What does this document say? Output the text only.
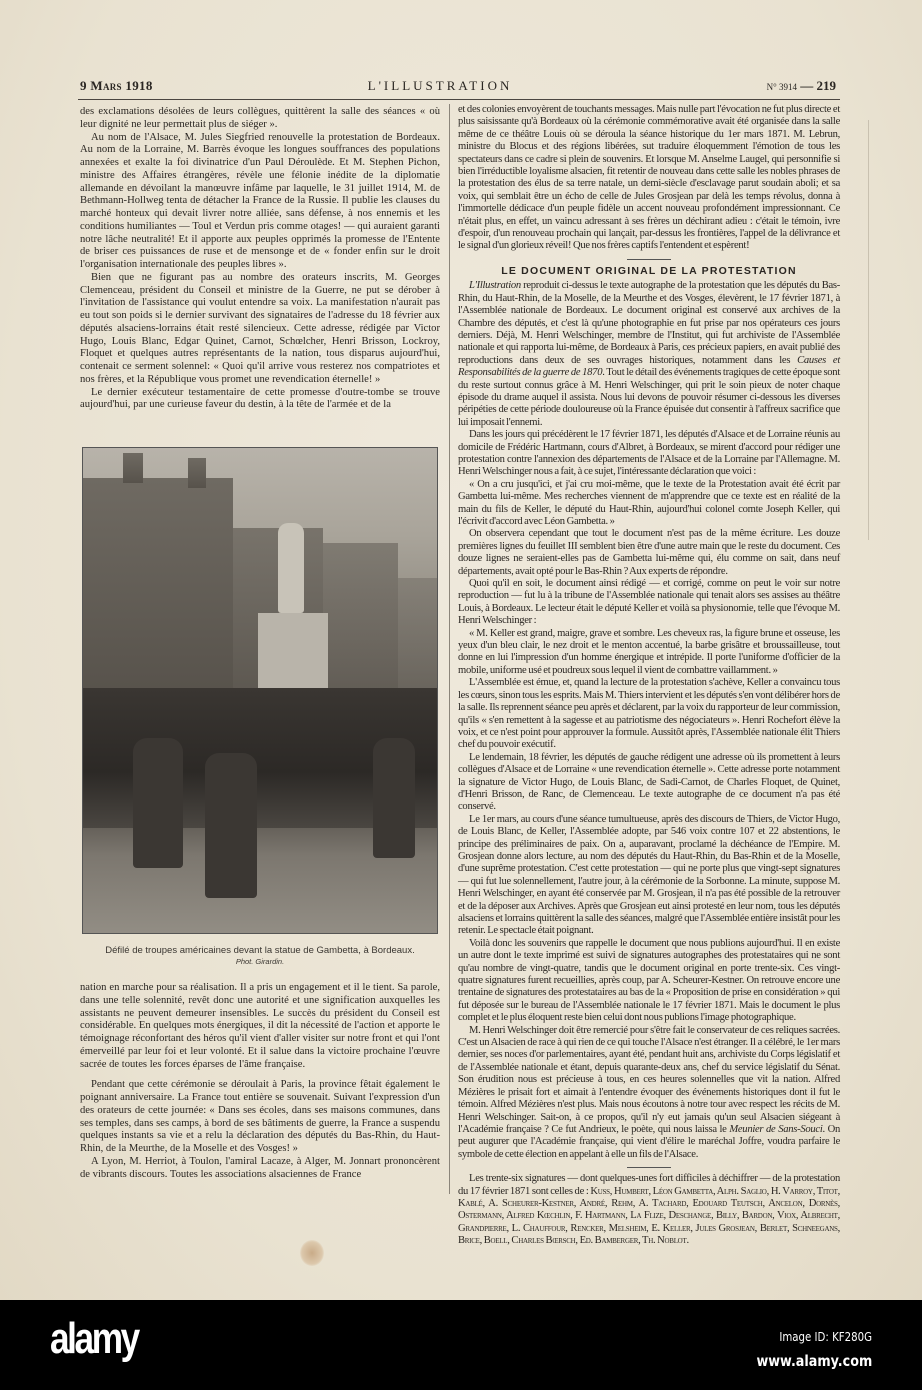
9 Mars 1918	L'ILLUSTRATION	N° 3914 — 219

des exclamations désolées de leurs collègues, quittèrent la salle des séances « où leur dignité ne leur permettait plus de siéger ».

Au nom de l'Alsace, M. Jules Siegfried renouvelle la protestation de Bordeaux. Au nom de la Lorraine, M. Barrès évoque les longues souffrances des populations annexées et exalte la foi divinatrice d'un Paul Déroulède. Et M. Stephen Pichon, ministre des Affaires étrangères, révèle une félonie inédite de la diplomatie allemande en dévoilant la manœuvre infâme par laquelle, le 31 juillet 1914, M. de Bethmann-Hollweg tenta de détacher la France de la Russie. Il publie les clauses du marché honteux qui devait livrer notre alliée, sans défense, à nos ennemis et les conditions humiliantes — Toul et Verdun pris comme otages! — qui auraient garanti notre lâche neutralité! Et il apporte aux peuples opprimés la promesse de l'Entente de briser ces puissances de ruse et de mensonge et de « fonder enfin sur le droit l'organisation internationale des peuples libres ».

Bien que ne figurant pas au nombre des orateurs inscrits, M. Georges Clemenceau, président du Conseil et ministre de la Guerre, ne put se dérober à l'invitation de l'assistance qui voulut entendre sa voix. La manifestation n'aurait pas eu tout son poids si le dernier survivant des signataires de l'adresse du 18 février aux députés alsaciens-lorrains était resté silencieux. Cette adresse, rédigée par Victor Hugo, Louis Blanc, Edgar Quinet, Carnot, Schœlcher, Henri Brisson, Lockroy, Floquet et quelques autres représentants de la nation, tous disparus aujourd'hui, contenait ce serment solennel: « Quoi qu'il arrive vous resterez nos compatriotes et nos frères, et la République vous promet une revendication éternelle! »

Le dernier exécuteur testamentaire de cette promesse d'outre-tombe se trouve aujourd'hui, par une curieuse faveur du destin, à la tête de l'armée et de la

Défilé de troupes américaines devant la statue de Gambetta, à Bordeaux.
Phot. Girardin.

nation en marche pour sa réalisation. Il a pris un engagement et il le tient. Sa parole, dans une telle solennité, revêt donc une autorité et une signification auxquelles les assistants ne peuvent demeurer insensibles. Le succès du président du Conseil est considérable. En quelques mots énergiques, il dit la nécessité de l'action et apporte le témoignage réconfortant des héros qu'il vient d'aller visiter sur notre front et qui l'ont émerveillé par leur foi et leur volonté. Et il salue dans la victoire prochaine l'œuvre sacrée de toutes les forces éparses de l'âme française.

Pendant que cette cérémonie se déroulait à Paris, la province fêtait également le poignant anniversaire. La France tout entière se souvenait. Suivant l'expression d'un des orateurs de cette journée: « Dans ses écoles, dans ses maisons communes, dans ses temples, dans ses camps, à bord de ses bâtiments de guerre, la France a suspendu quelques instants sa vie et a relu la déclaration des députés du Bas-Rhin, du Haut-Rhin, de la Meurthe, de la Moselle et des Vosges! »

A Lyon, M. Herriot, à Toulon, l'amiral Lacaze, à Alger, M. Jonnart prononcèrent de vibrants discours. Toutes les associations alsaciennes de France

et des colonies envoyèrent de touchants messages. Mais nulle part l'évocation ne fut plus directe et plus saisissante qu'à Bordeaux où la cérémonie commémorative avait été organisée dans la salle même de ce théâtre Louis où se déroula la séance historique du 1er mars 1871. M. Lebrun, ministre du Blocus et des régions libérées, sut traduire éloquemment l'émotion de tous les spectateurs dans ce cadre si plein de souvenirs. Et lorsque M. Anselme Laugel, qui personnifie si bien l'irréductible loyalisme alsacien, fit retentir de nouveau dans cette salle les nobles phrases de la protestation des élus de sa terre natale, un demi-siècle d'esclavage parut soudain aboli; et sa voix, qui semblait être un écho de celle de Jules Grosjean par delà les temps révolus, donna à l'immortelle dédicace d'un peuple fidèle un accent nouveau profondément impressionnant. Ce n'était plus, en effet, un vaincu adressant à ses frères un déchirant adieu : c'était le témoin, ivre d'espoir, d'un renouveau prochain qui lançait, par-dessus les frontières, l'appel de la délivrance et le signal d'un glorieux réveil! Que nos frères captifs l'entendent et espèrent!

LE DOCUMENT ORIGINAL DE LA PROTESTATION

L'Illustration reproduit ci-dessus le texte autographe de la protestation que les députés du Bas-Rhin, du Haut-Rhin, de la Moselle, de la Meurthe et des Vosges, élevèrent, le 17 février 1871, à l'Assemblée nationale de Bordeaux. Le document original est conservé aux archives de la Chambre des députés, et c'est là qu'une photographie en fut prise par nos opérateurs ces jours derniers. Déjà, M. Henri Welschinger, membre de l'Institut, qui fut archiviste de l'Assemblée nationale et qui rapporta lui-même, de Bordeaux à Paris, ces précieux papiers, en avait publié des reproductions dans deux de ses ouvrages historiques, notamment dans les Causes et Responsabilités de la guerre de 1870. Tout le détail des événements tragiques de cette époque sont du reste surtout connus grâce à M. Henri Welschinger, qui prit le soin pieux de noter chaque épisode du drame auquel il assista. Nous lui devons de pouvoir résumer ci-dessous les diverses péripéties de cette période douloureuse où la France épuisée dut consentir à l'affreux sacrifice que lui imposait l'ennemi.

Dans les jours qui précédèrent le 17 février 1871, les députés d'Alsace et de Lorraine réunis au domicile de Frédéric Hartmann, cours d'Albret, à Bordeaux, se mirent d'accord pour rédiger une protestation contre l'annexion des départements de l'Alsace et de la Lorraine par l'Allemagne. M. Henri Welschinger nous a fait, à ce sujet, l'intéressante déclaration que voici :

« On a cru jusqu'ici, et j'ai cru moi-même, que le texte de la Protestation avait été écrit par Gambetta lui-même. Mes recherches viennent de m'apprendre que ce texte est en réalité de la main du fils de Keller, le député du Haut-Rhin, aujourd'hui colonel comte Joseph Keller, qui l'écrivit d'accord avec Léon Gambetta. »

On observera cependant que tout le document n'est pas de la même écriture. Les douze premières lignes du feuillet III semblent bien être d'une autre main que le reste du document. Ces douze lignes ne seraient-elles pas de Gambetta lui-même qui, élu comme on sait, dans neuf départements, avait opté pour le Bas-Rhin ? Aux experts de répondre.

Quoi qu'il en soit, le document ainsi rédigé — et corrigé, comme on peut le voir sur notre reproduction — fut lu à la tribune de l'Assemblée nationale qui tenait alors ses assises au théâtre Louis, à Bordeaux. Le lecteur était le député Keller et voilà sa physionomie, telle que l'évoque M. Henri Welschinger :

« M. Keller est grand, maigre, grave et sombre. Les cheveux ras, la figure brune et osseuse, les yeux d'un bleu clair, le nez droit et le menton accentué, la barbe grisâtre et broussailleuse, tout donne en lui l'impression d'un homme énergique et intrépide. Il porte l'uniforme d'officier de la mobile, uniforme usé et poudreux sous lequel il vient de combattre vaillamment. »

L'Assemblée est émue, et, quand la lecture de la protestation s'achève, Keller a convaincu tous les cœurs, sinon tous les esprits. Mais M. Thiers intervient et les députés s'en vont délibérer hors de la salle. Ils reprennent séance peu après et déclarent, par la voix du rapporteur de leur commission, qu'ils « s'en remettent à la sagesse et au patriotisme des négociateurs ». Henri Rochefort élève la voix, et ce n'est point pour approuver la formule. Aussitôt après, l'Assemblée nationale élit Thiers chef du pouvoir exécutif.

Le lendemain, 18 février, les députés de gauche rédigent une adresse où ils promettent à leurs collègues d'Alsace et de Lorraine « une revendication éternelle ». Cette adresse porte notamment la signature de Victor Hugo, de Louis Blanc, de Sadi-Carnot, de Charles Floquet, de Quinet, d'Henri Brisson, de Ranc, de Clemenceau. Le texte autographe de ce document n'a pas été conservé.

Le 1er mars, au cours d'une séance tumultueuse, après des discours de Thiers, de Victor Hugo, de Louis Blanc, de Keller, l'Assemblée adopte, par 546 voix contre 107 et 22 abstentions, le principe des préliminaires de paix. On a, auparavant, proclamé la déchéance de l'Empire. M. Grosjean donne alors lecture, au nom des députés du Haut-Rhin, du Bas-Rhin et de la Moselle, d'une suprême protestation. C'est cette protestation — qui ne porte plus que vingt-sept signatures — qui fut lue solennellement, l'autre jour, à la cérémonie de la Sorbonne. La minute, suppose M. Henri Welschinger, en ayant été conservée par M. Grosjean, il n'a pas été possible de la retrouver et de la déposer aux Archives. Après que Grosjean eut ainsi protesté en leur nom, tous les députés alsaciens et lorrains quittèrent la salle des séances, malgré que l'Assemblée entière insistât pour les retenir. Le spectacle était poignant.

Voilà donc les souvenirs que rappelle le document que nous publions aujourd'hui. Il en existe un autre dont le texte imprimé est suivi de signatures autographes des protestataires qui ne sont qu'au nombre de vingt-quatre, tandis que le document original en porte trente-six. Ces vingt-quatre signatures furent recueillies, après coup, par A. Scheurer-Kestner. On retrouve encore une trentaine de signatures des protestataires au bas de la « Proposition de prise en considération » qui fut déposée sur le bureau de l'Assemblée nationale le 17 février 1871. Mais le document le plus complet et le plus éloquent reste bien celui dont nous publions l'image photographique.

M. Henri Welschinger doit être remercié pour s'être fait le conservateur de ces reliques sacrées. C'est un Alsacien de race à qui rien de ce qui touche l'Alsace n'est étranger. Il a célébré, le 1er mars dernier, ses noces d'or parlementaires, ayant été, pendant huit ans, archiviste du Corps législatif et de l'Assemblée nationale et étant, depuis quarante-deux ans, chef du service législatif du Sénat. Son érudition nous est précieuse à tous, en ces heures solennelles que vit la nation. Alfred Mézières le prisait fort et aimait à l'entendre évoquer des événements historiques dont il fut le témoin. Alfred Mézières n'est plus. Mais nous écoutons à notre tour avec respect les récits de M. Henri Welschinger. Sait-on, à ce propos, qu'il n'y eut jamais qu'un seul Alsacien siégeant à l'Académie française ? Ce fut Andrieux, le poète, qui nous laissa le Meunier de Sans-Souci. On peut augurer que l'Académie française, qui vient d'élire le maréchal Joffre, voudra parfaire le symbole de cette élection en appelant à elle un fils de l'Alsace.

Les trente-six signatures — dont quelques-unes fort difficiles à déchiffrer — de la protestation du 17 février 1871 sont celles de : Kuss, Humbert, Léon Gambetta, Alph. Saglio, H. Varroy, Titot, Kablé, A. Scheurer-Kestner, André, Rehm, A. Tachard, Edouard Teutsch, Ancelon, Dornès, Ostermann, Alfred Kœchlin, F. Hartmann, La Flize, Deschange, Billy, Bardon, Viox, Albrecht, Grandpierre, L. Chauffour, Rencker, Melsheim, E. Keller, Jules Grosjean, Berlet, Schneegans, Brice, Boell, Charles Bœrsch, Ed. Bamberger, Th. Noblot.

alamy	Image ID: KF280G
www.alamy.com
